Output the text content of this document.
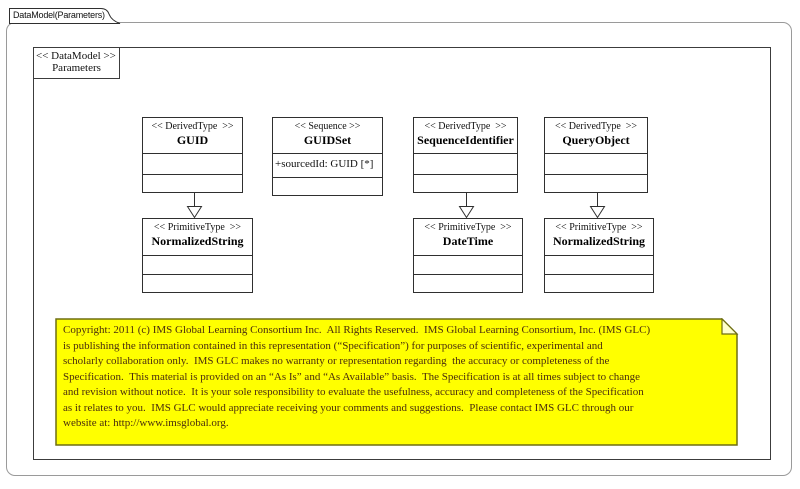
DataModel(Parameters)
<< DataModel >>
Parameters
<< DerivedType  >>
GUID
<< Sequence >>
GUIDSet
+sourcedId: GUID [*]
<< DerivedType  >>
SequenceIdentifier
<< DerivedType  >>
QueryObject
<< PrimitiveType  >>
NormalizedString
<< PrimitiveType  >>
DateTime
<< PrimitiveType  >>
NormalizedString
Copyright: 2011 (c) IMS Global Learning Consortium Inc.  All Rights Reserved.  IMS Global Learning Consortium, Inc. (IMS GLC)
is publishing the information contained in this representation (“Specification”) for purposes of scientific, experimental and
scholarly collaboration only.  IMS GLC makes no warranty or representation regarding  the accuracy or completeness of the
Specification.  This material is provided on an “As Is” and “As Available” basis.  The Specification is at all times subject to change
and revision without notice.  It is your sole responsibility to evaluate the usefulness, accuracy and completeness of the Specification
as it relates to you.  IMS GLC would appreciate receiving your comments and suggestions.  Please contact IMS GLC through our
website at: http://www.imsglobal.org.
